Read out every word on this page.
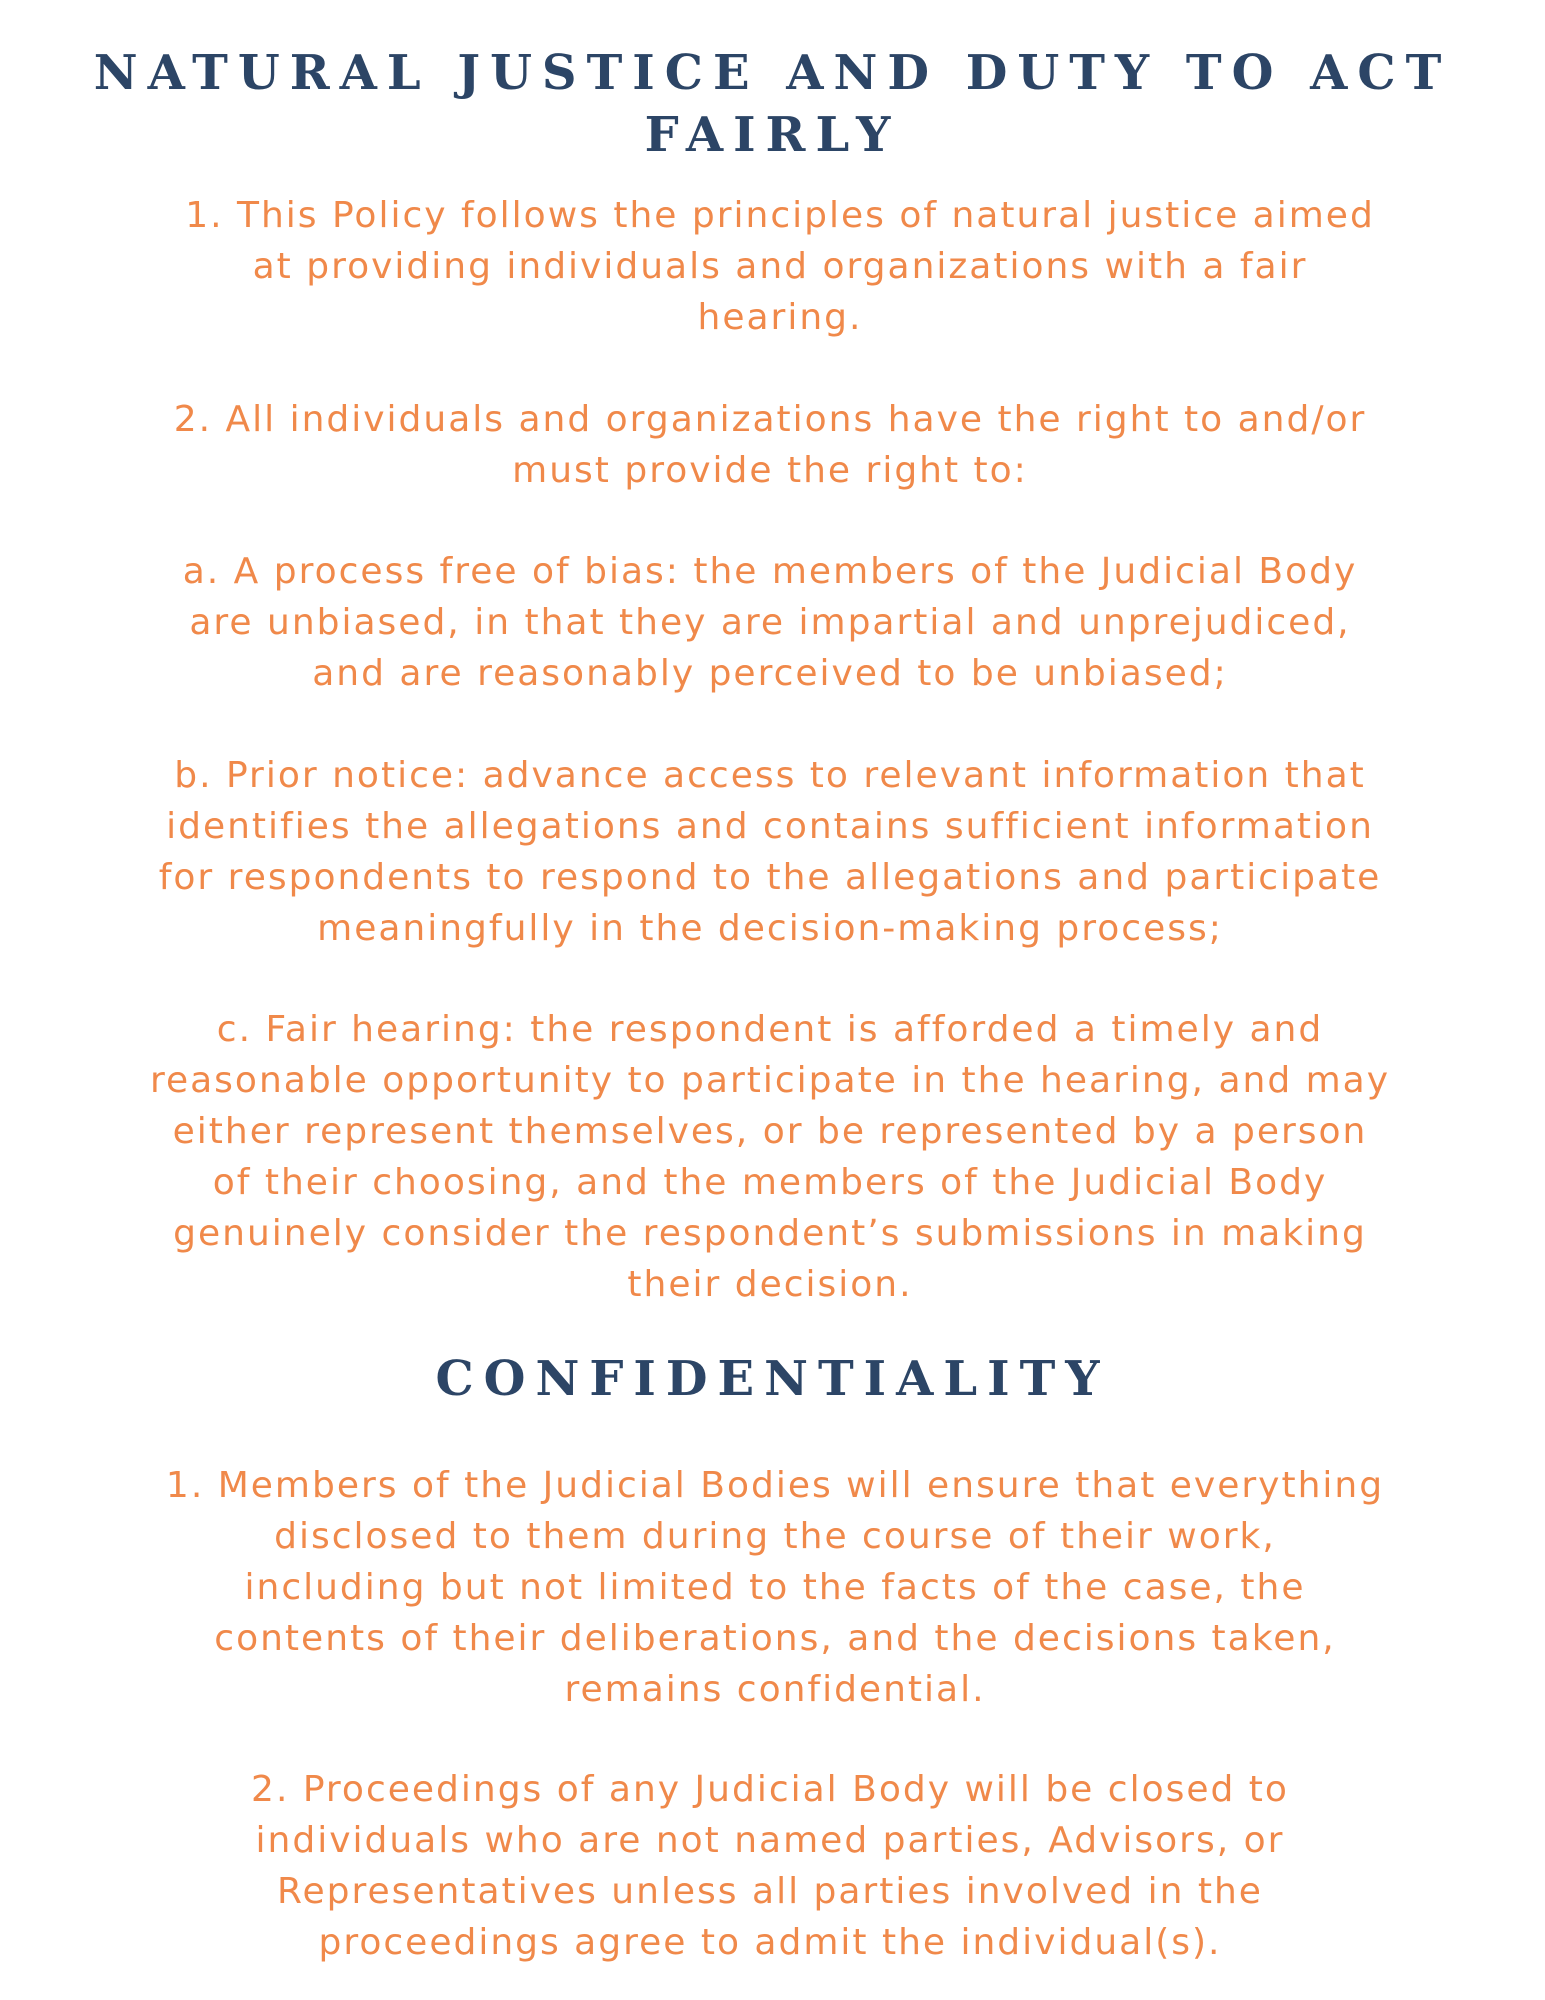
NATURAL JUSTICE AND DUTY TO ACT
FAIRLY

1. This Policy follows the principles of natural justice aimed
at providing individuals and organizations with a fair
hearing.

2. All individuals and organizations have the right to and/or
must provide the right to:

a. A process free of bias: the members of the Judicial Body
are unbiased, in that they are impartial and unprejudiced,
and are reasonably perceived to be unbiased;

b. Prior notice: advance access to relevant information that
identifies the allegations and contains sufficient information
for respondents to respond to the allegations and participate
meaningfully in the decision-making process;

c. Fair hearing: the respondent is afforded a timely and
reasonable opportunity to participate in the hearing, and may
either represent themselves, or be represented by a person
of their choosing, and the members of the Judicial Body
genuinely consider the respondent’s submissions in making
their decision.

CONFIDENTIALITY

1. Members of the Judicial Bodies will ensure that everything
disclosed to them during the course of their work,
including but not limited to the facts of the case, the
contents of their deliberations, and the decisions taken,
remains confidential.

2. Proceedings of any Judicial Body will be closed to
individuals who are not named parties, Advisors, or
Representatives unless all parties involved in the
proceedings agree to admit the individual(s).
